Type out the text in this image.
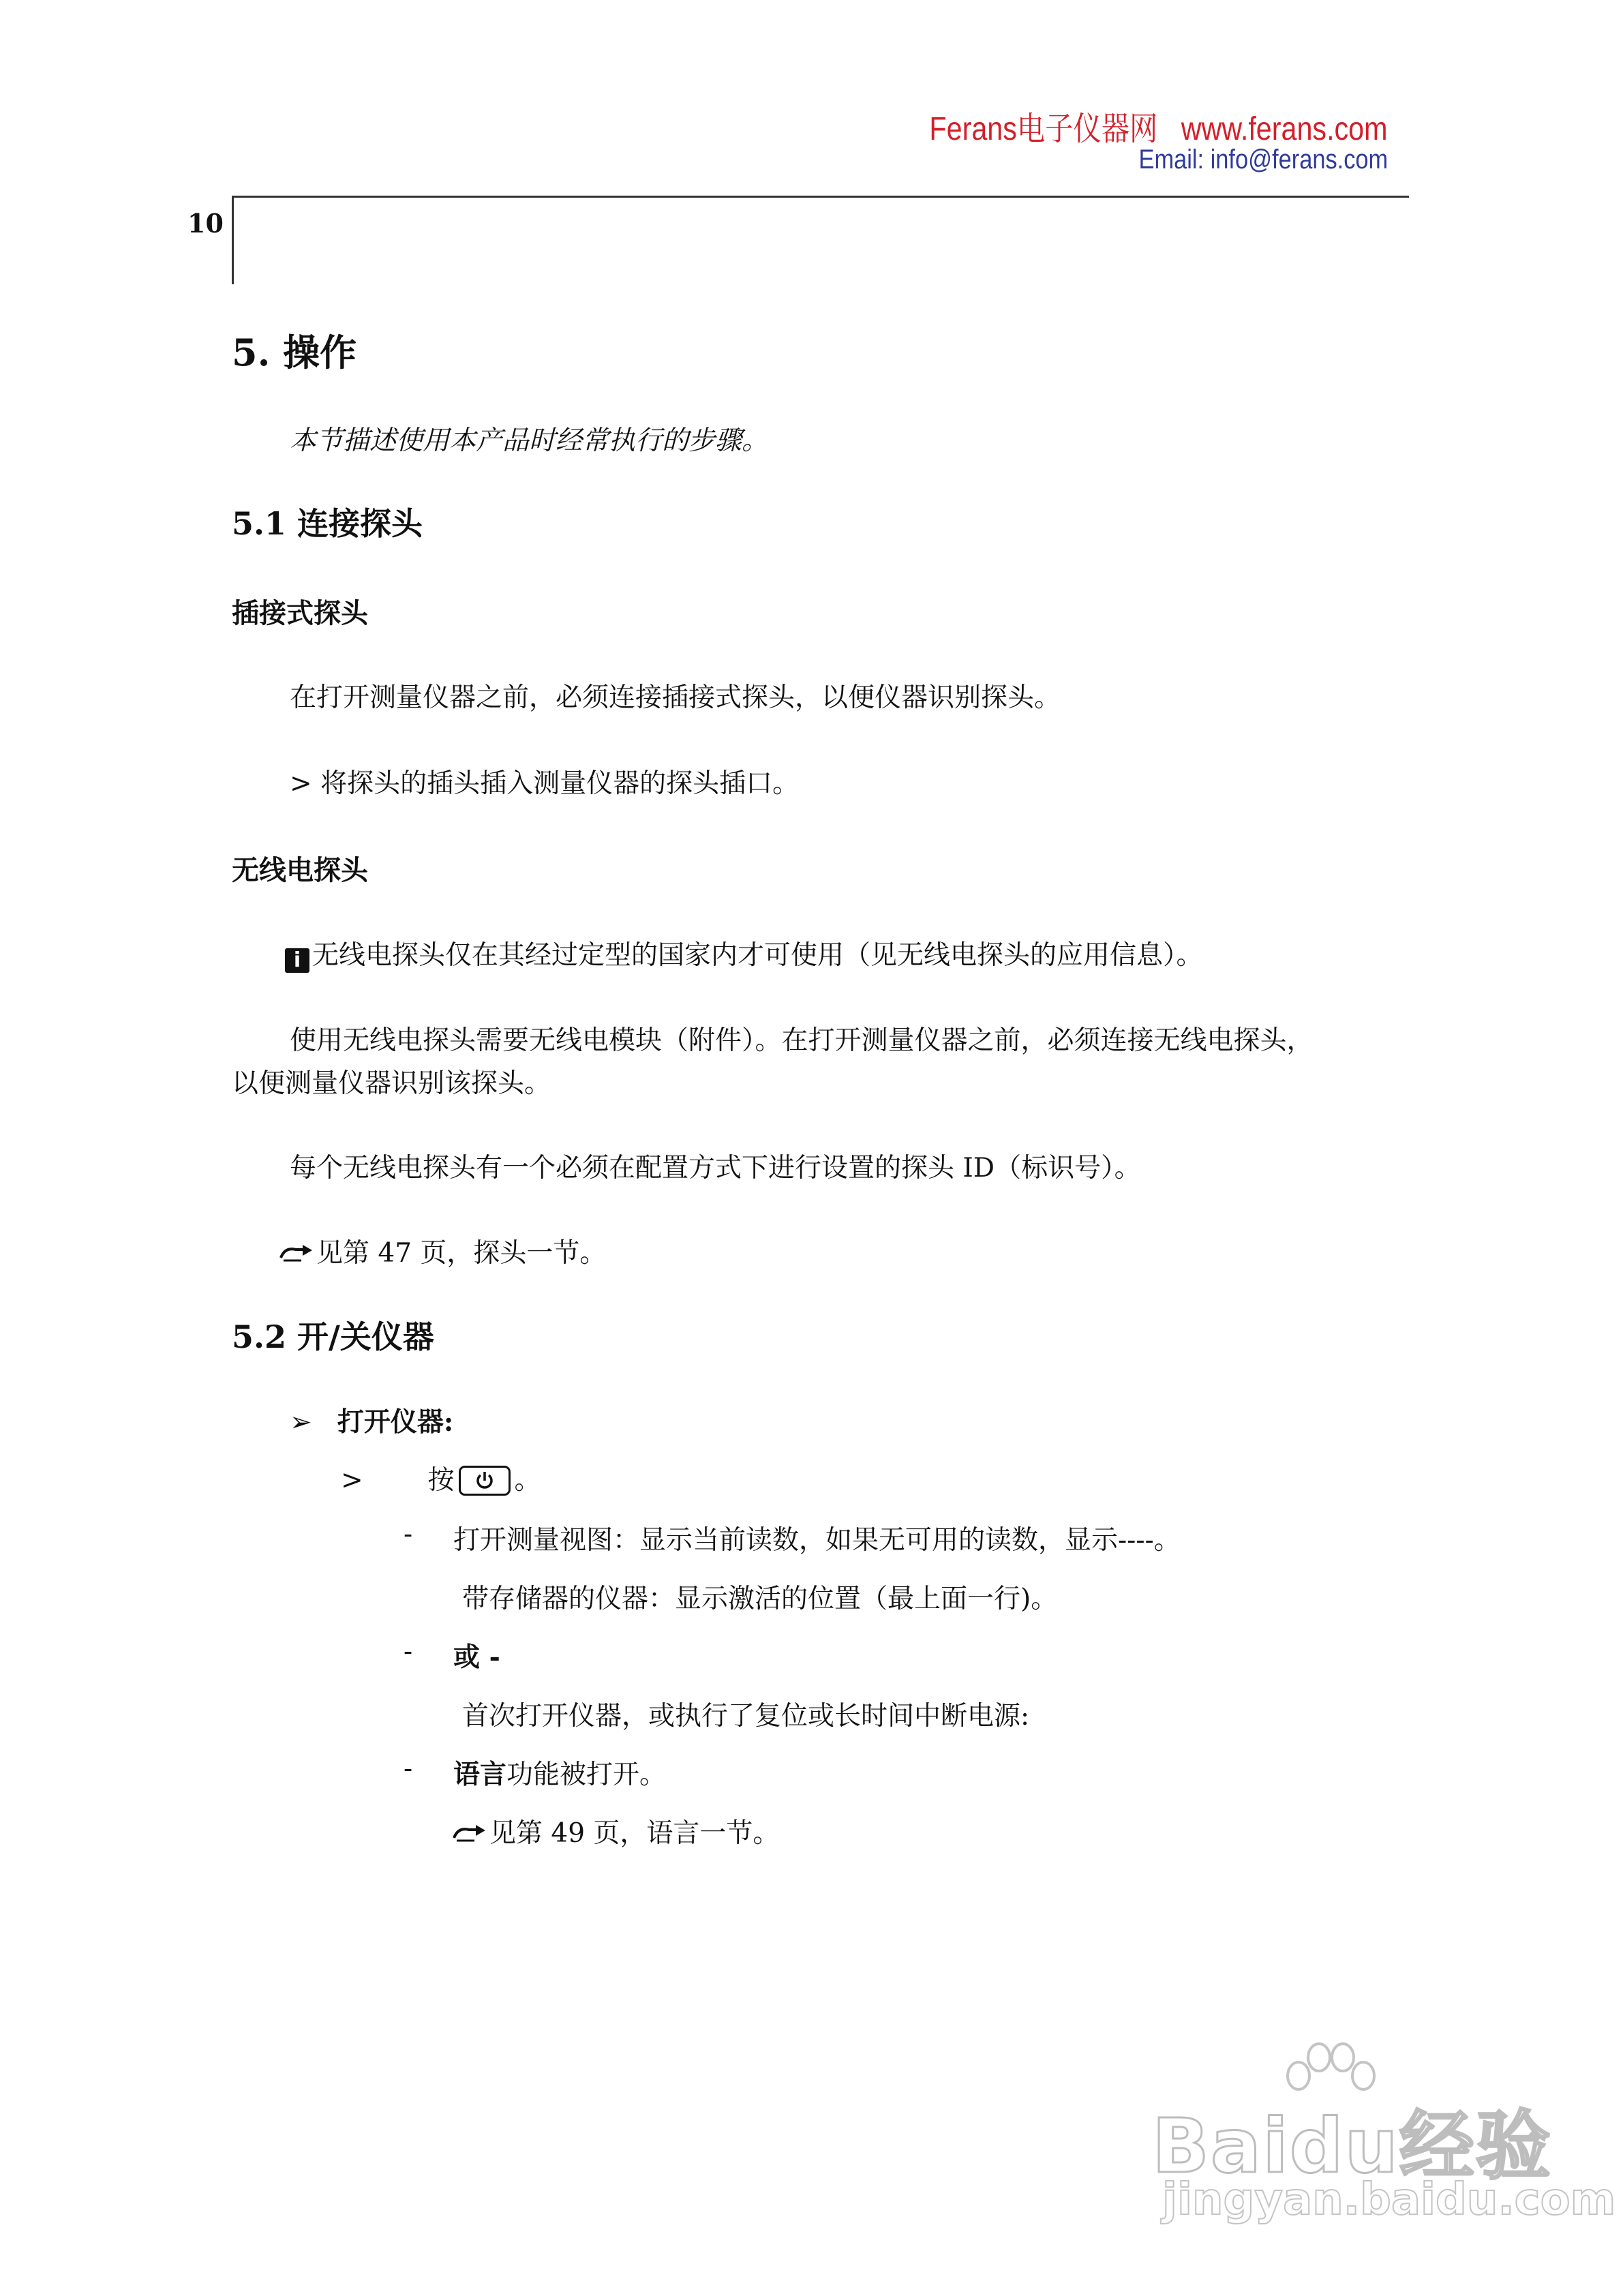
Ferans电子仪器网 www.ferans.com
Email: info@ferans.com
10
5. 操作
本节描述使用本产品时经常执行的步骤。
5.1 连接探头
插接式探头
在打开测量仪器之前，必须连接插接式探头，以便仪器识别探头。
> 将探头的插头插入测量仪器的探头插口。
无线电探头
i 无线电探头仅在其经过定型的国家内才可使用（见无线电探头的应用信息）。
使用无线电探头需要无线电模块（附件）。在打开测量仪器之前，必须连接无线电探头，
以便测量仪器识别该探头。
每个无线电探头有一个必须在配置方式下进行设置的探头 ID（标识号）。
见第 47 页，探头一节。
5.2 开/关仪器
➢ 打开仪器:
> 按 。
- 打开测量视图：显示当前读数，如果无可用的读数，显示----。
带存储器的仪器：显示激活的位置（最上面一行)。
- 或 -
首次打开仪器，或执行了复位或长时间中断电源:
- 语言功能被打开。
见第 49 页，语言一节。
Baidu经验
jingyan.baidu.com
